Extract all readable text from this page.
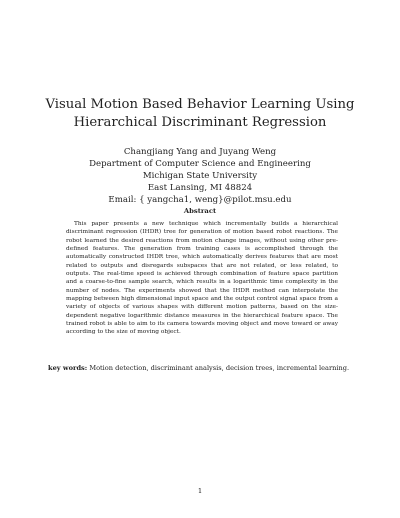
Visual Motion Based Behavior Learning Using
Hierarchical Discriminant Regression
Changjiang Yang and Juyang Weng
Department of Computer Science and Engineering
Michigan State University
East Lansing, MI 48824
Email: { yangcha1, weng}@pilot.msu.edu
Abstract

This paper presents a new technique which incrementally builds a hierarchical discriminant regression (IHDR) tree for generation of motion based robot reactions. The robot learned the desired reactions from motion change images, without using other pre-defined features. The generation from training cases is accomplished through the automatically constructed IHDR tree, which automatically derives features that are most related to outputs and disregards subspaces that are not related, or less related, to outputs. The real-time speed is achieved through combination of feature space partition and a coarse-to-fine sample search, which results in a logarithmic time complexity in the number of nodes. The experiments showed that the IHDR method can interpolate the mapping between high dimensional input space and the output control signal space from a variety of objects of various shapes with different motion patterns, based on the size-dependent negative logarithmic distance measures in the hierarchical feature space. The trained robot is able to aim to its camera towards moving object and move toward or away according to the size of moving object.

key words: Motion detection, discriminant analysis, decision trees, incremental learning.
1
